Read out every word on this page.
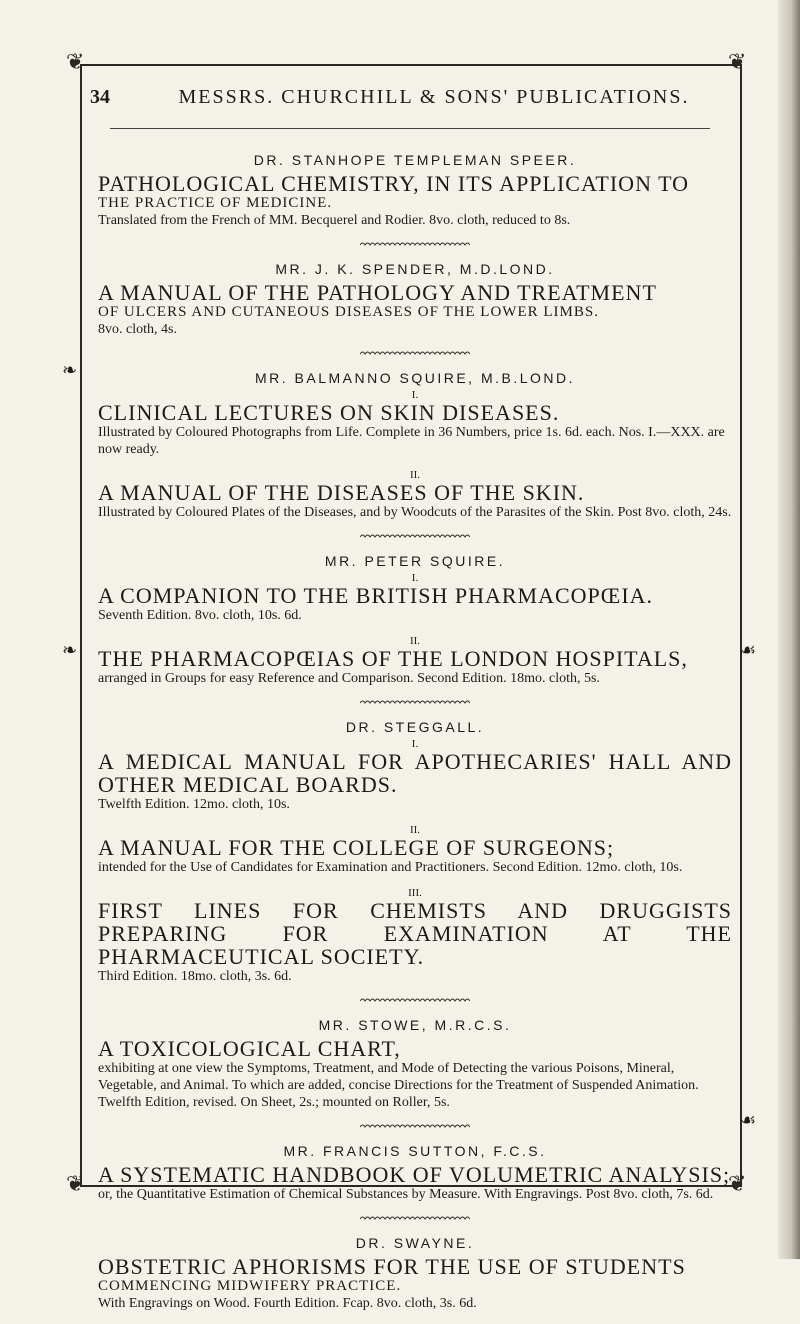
❦	❦
❦	❦
❧
❧	☙
☙
34	MESSRS. CHURCHILL & SONS' PUBLICATIONS.

DR. STANHOPE TEMPLEMAN SPEER.

PATHOLOGICAL CHEMISTRY, IN ITS APPLICATION TO
THE PRACTICE OF MEDICINE.
Translated from the French of MM. Becquerel and Rodier. 8vo. cloth, reduced to 8s.

MR. J. K. SPENDER, M.D.LOND.

A MANUAL OF THE PATHOLOGY AND TREATMENT
OF ULCERS AND CUTANEOUS DISEASES OF THE LOWER LIMBS.
8vo. cloth, 4s.

MR. BALMANNO SQUIRE, M.B.LOND.

I.

CLINICAL LECTURES ON SKIN DISEASES.
Illustrated by Coloured Photographs from Life. Complete in 36 Numbers, price 1s. 6d. each. Nos. I.—XXX. are now ready.

II.

A MANUAL OF THE DISEASES OF THE SKIN.
Illustrated by Coloured Plates of the Diseases, and by Woodcuts of the Parasites of the Skin. Post 8vo. cloth, 24s.

MR. PETER SQUIRE.

I.

A COMPANION TO THE BRITISH PHARMACOPŒIA.
Seventh Edition. 8vo. cloth, 10s. 6d.

II.

THE PHARMACOPŒIAS OF THE LONDON HOSPITALS,
arranged in Groups for easy Reference and Comparison. Second Edition. 18mo. cloth, 5s.

DR. STEGGALL.

I.

A MEDICAL MANUAL FOR APOTHECARIES' HALL AND OTHER MEDICAL BOARDS.
Twelfth Edition. 12mo. cloth, 10s.

II.

A MANUAL FOR THE COLLEGE OF SURGEONS;
intended for the Use of Candidates for Examination and Practitioners. Second Edition. 12mo. cloth, 10s.

III.

FIRST LINES FOR CHEMISTS AND DRUGGISTS PREPARING FOR EXAMINATION AT THE PHARMACEUTICAL SOCIETY.
Third Edition. 18mo. cloth, 3s. 6d.

MR. STOWE, M.R.C.S.

A TOXICOLOGICAL CHART,
exhibiting at one view the Symptoms, Treatment, and Mode of Detecting the various Poisons, Mineral, Vegetable, and Animal. To which are added, concise Directions for the Treatment of Suspended Animation. Twelfth Edition, revised. On Sheet, 2s.; mounted on Roller, 5s.

MR. FRANCIS SUTTON, F.C.S.

A SYSTEMATIC HANDBOOK OF VOLUMETRIC ANALYSIS;
or, the Quantitative Estimation of Chemical Substances by Measure. With Engravings. Post 8vo. cloth, 7s. 6d.

DR. SWAYNE.

OBSTETRIC APHORISMS FOR THE USE OF STUDENTS
COMMENCING MIDWIFERY PRACTICE.
With Engravings on Wood. Fourth Edition. Fcap. 8vo. cloth, 3s. 6d.
